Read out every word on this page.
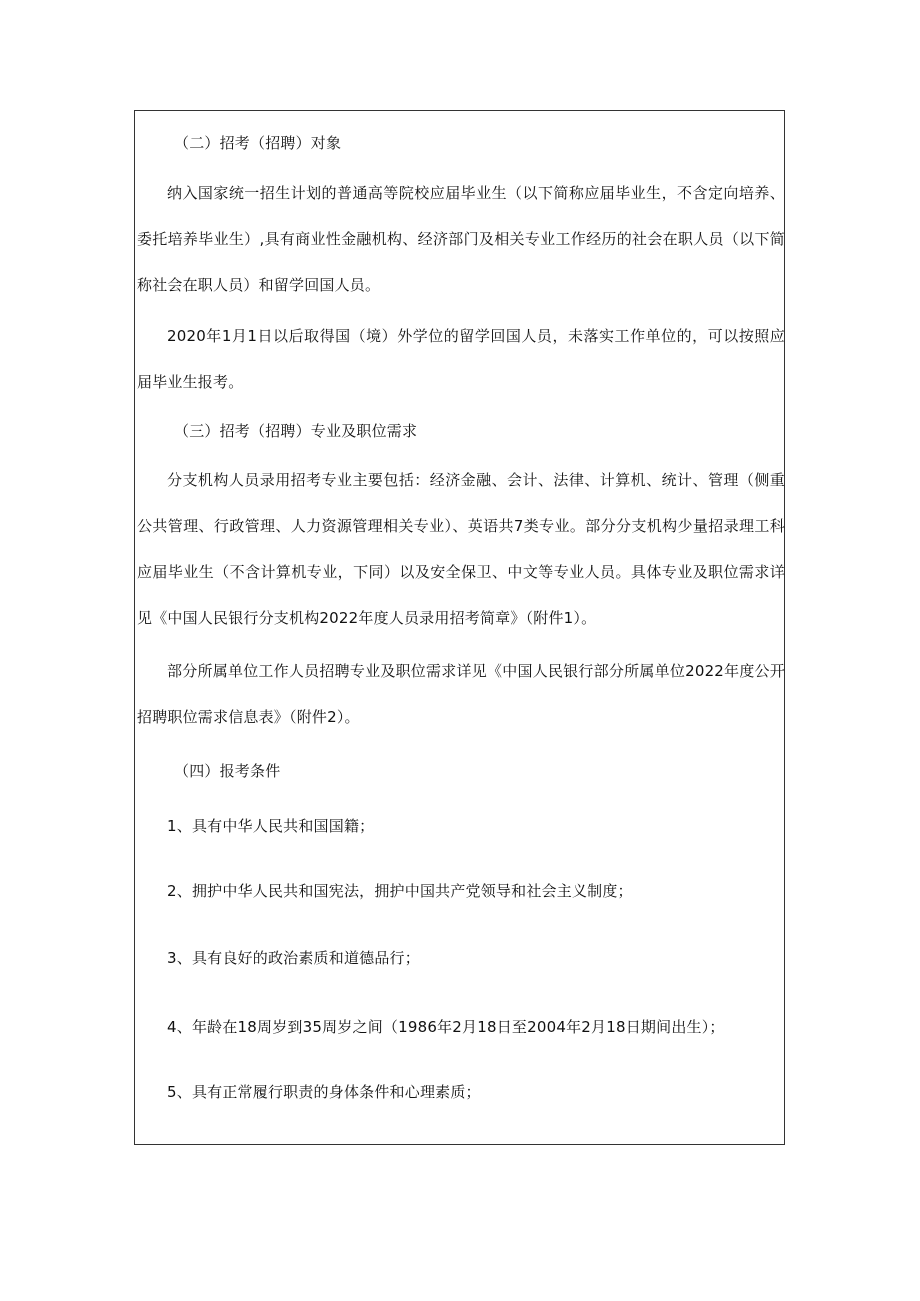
（二）招考（招聘）对象

纳入国家统一招生计划的普通高等院校应届毕业生（以下简称应届毕业生，不含定向培养、委托培养毕业生）,具有商业性金融机构、经济部门及相关专业工作经历的社会在职人员（以下简称社会在职人员）和留学回国人员。

2020年1月1日以后取得国（境）外学位的留学回国人员，未落实工作单位的，可以按照应届毕业生报考。

（三）招考（招聘）专业及职位需求

分支机构人员录用招考专业主要包括：经济金融、会计、法律、计算机、统计、管理（侧重公共管理、行政管理、人力资源管理相关专业）、英语共7类专业。部分分支机构少量招录理工科应届毕业生（不含计算机专业，下同）以及安全保卫、中文等专业人员。具体专业及职位需求详见《中国人民银行分支机构2022年度人员录用招考简章》（附件1）。

部分所属单位工作人员招聘专业及职位需求详见《中国人民银行部分所属单位2022年度公开招聘职位需求信息表》（附件2）。

（四）报考条件

1、具有中华人民共和国国籍；

2、拥护中华人民共和国宪法，拥护中国共产党领导和社会主义制度；

3、具有良好的政治素质和道德品行；

4、年龄在18周岁到35周岁之间（1986年2月18日至2004年2月18日期间出生）；

5、具有正常履行职责的身体条件和心理素质；
